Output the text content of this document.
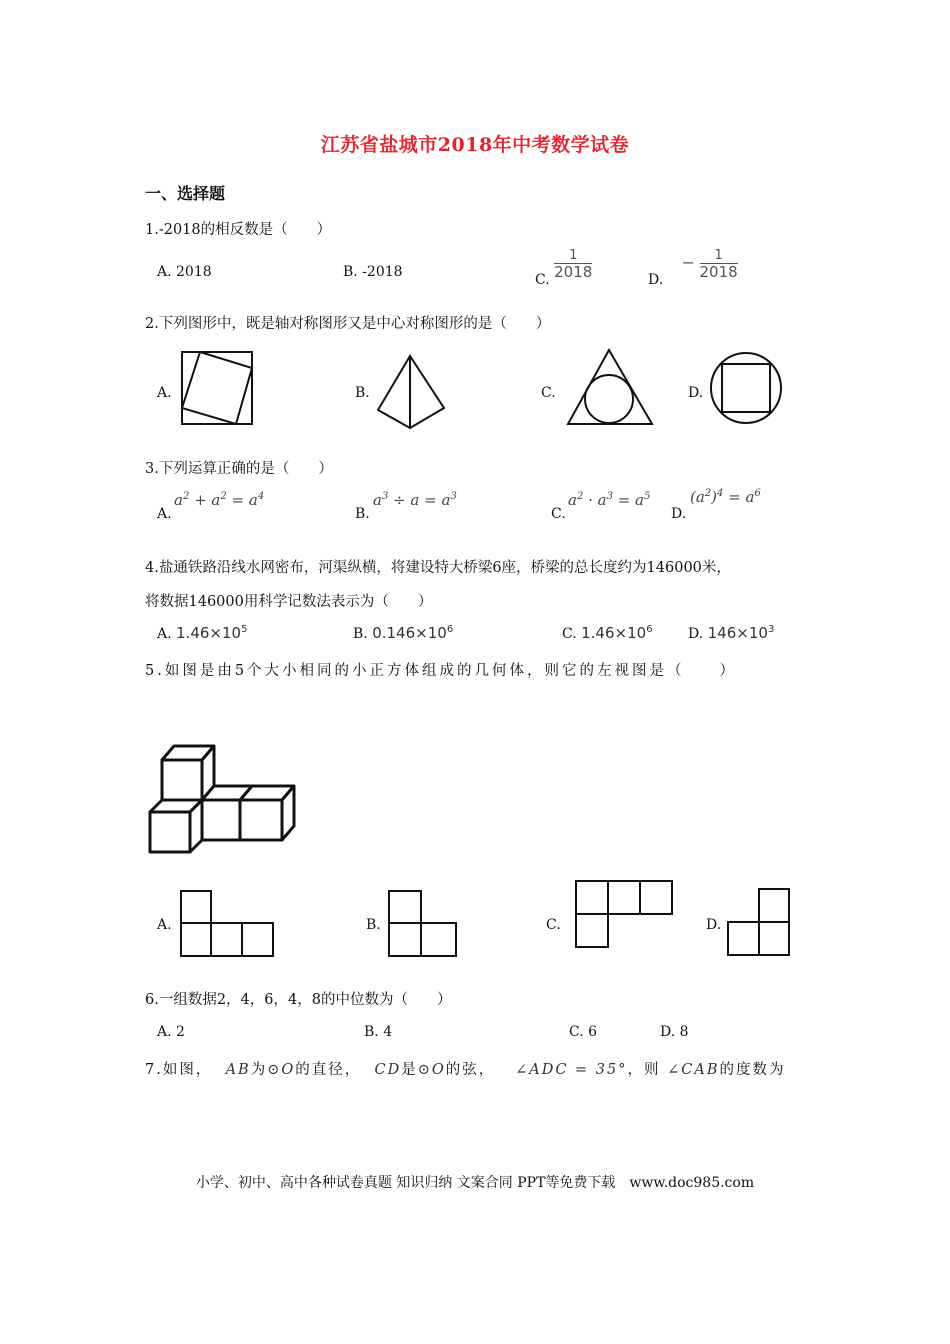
江苏省盐城市2018年中考数学试卷
一、选择题
1.-2018的相反数是（　　）
A. 2018	B. -2018	C. $\frac{1}{2018}$	D. − $\frac{1}{2018}$
2.下列图形中，既是轴对称图形又是中心对称图形的是（　　）
A.	B.	C.	D.
3.下列运算正确的是（　　）
A.
$a^2 + a^2 = a^4$
B.
$a^3 \div a = a^3$
C.
$a^2 \cdot a^3 = a^5$
D.
$(a^2)^4 = a^6$
4.盐通铁路沿线水网密布，河渠纵横，将建设特大桥梁6座，桥梁的总长度约为146000米，
将数据146000用科学记数法表示为（　　）
A. $1.46\times 10^5$	B. $0.146\times 10^6$	C. $1.46\times 10^6$	D. $146\times 10^3$
5.如图是由5个大小相同的小正方体组成的几何体，则它的左视图是（　　）
A.	B.	C.	D.
6.一组数据2，4，6，4，8的中位数为（　　）
A. 2	B. 4	C. 6	D. 8
7.如图， AB为⊙O的直径， CD是⊙O的弦， ∠ADC = 35°，则 ∠CAB的度数为
小学、初中、高中各种试卷真题 知识归纳 文案合同 PPT等免费下载　www.doc985.com
